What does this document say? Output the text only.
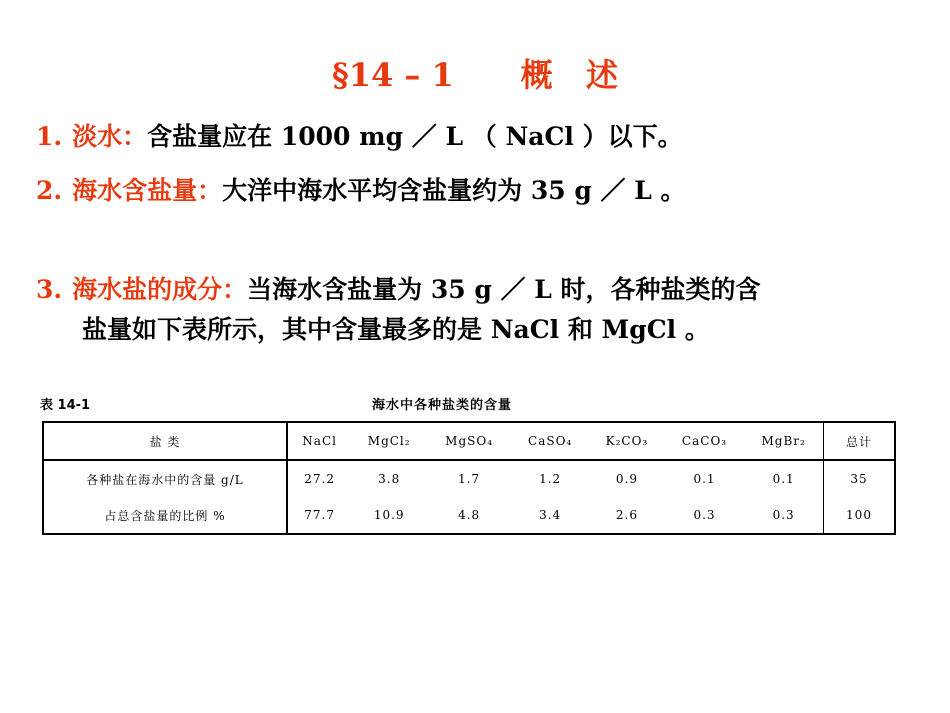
§14 – 1      概   述
1. 淡水：含盐量应在 1000 mg ／ L （ NaCl ）以下。
2. 海水含盐量：大洋中海水平均含盐量约为 35 g ／ L 。
3. 海水盐的成分：当海水含盐量为 35 g ／ L 时，各种盐类的含
盐量如下表所示，其中含量最多的是 NaCl 和 MgCl 。
表 14-1	海水中各种盐类的含量
盐 类	NaCl	MgCl₂	MgSO₄	CaSO₄	K₂CO₃	CaCO₃	MgBr₂	总计
各种盐在海水中的含量 g/L	27.2	3.8	1.7	1.2	0.9	0.1	0.1	35
占总含盐量的比例 %	77.7	10.9	4.8	3.4	2.6	0.3	0.3	100
